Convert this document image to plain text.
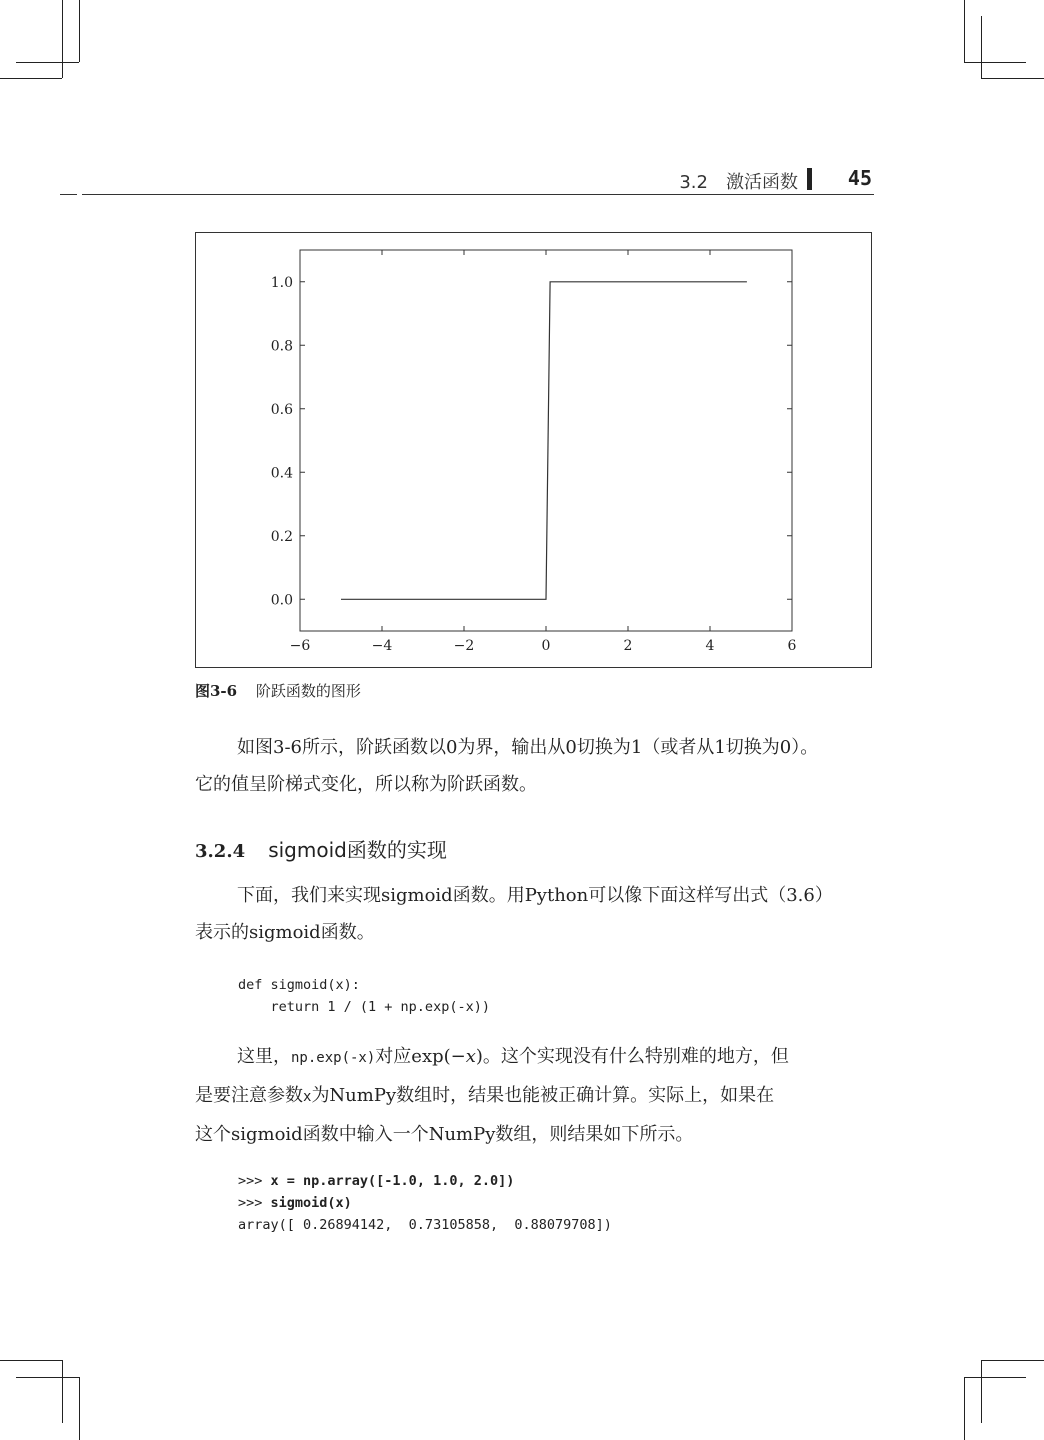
3.2　激活函数 45
−6	−4	−2	0	2	4	6
0.0
0.2
0.4
0.6
0.8
1.0
图3-6 阶跃函数的图形
如图3-6所示，阶跃函数以0为界，输出从0切换为1（或者从1切换为0）。
它的值呈阶梯式变化，所以称为阶跃函数。
3.2.4 sigmoid函数的实现
下面，我们来实现sigmoid函数。用Python可以像下面这样写出式（3.6）
表示的sigmoid函数。
def sigmoid(x):
return 1 / (1 + np.exp(-x))
这里，np.exp(-x)对应exp(−x)。这个实现没有什么特别难的地方，但
是要注意参数x为NumPy数组时，结果也能被正确计算。实际上，如果在
这个sigmoid函数中输入一个NumPy数组，则结果如下所示。
>>> x = np.array([-1.0, 1.0, 2.0])
>>> sigmoid(x)
array([ 0.26894142,  0.73105858,  0.88079708])
